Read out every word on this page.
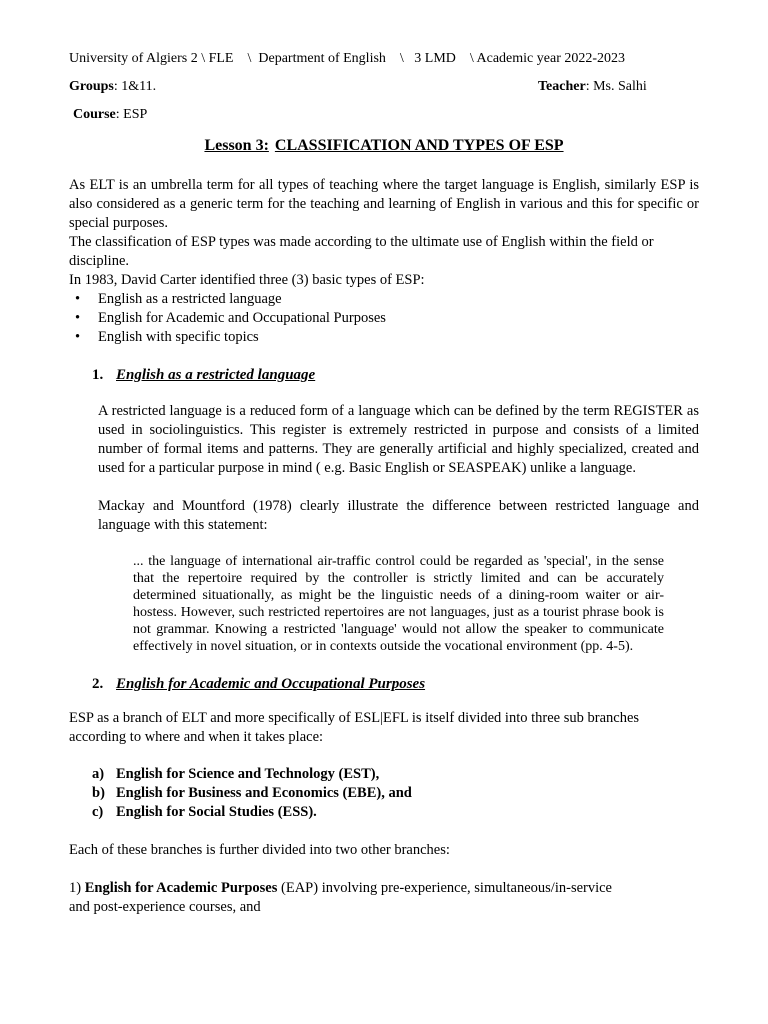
University of Algiers 2 \ FLE    \  Department of English    \   3 LMD    \ Academic year 2022-2023
Groups: 1&11.	Teacher: Ms. Salhi
Course: ESP
Lesson 3: CLASSIFICATION AND TYPES OF ESP

As ELT is an umbrella term for all types of teaching where the target language is English, similarly ESP is also considered as a generic term for the teaching and learning of English in various and this for specific or special purposes.

The classification of ESP types was made according to the ultimate use of English within the field or discipline.

In 1983, David Carter identified three (3) basic types of ESP:

• English as a restricted language
• English for Academic and Occupational Purposes
• English with specific topics
1. English as a restricted language

A restricted language is a reduced form of a language which can be defined by the term REGISTER as used in sociolinguistics. This register is extremely restricted in purpose and consists of a limited number of formal items and patterns. They are generally artificial and highly specialized, created and used for a particular purpose in mind ( e.g. Basic English or SEASPEAK) unlike a language.

Mackay and Mountford (1978) clearly illustrate the difference between restricted language and language with this statement:

... the language of international air-traffic control could be regarded as 'special', in the sense that the repertoire required by the controller is strictly limited and can be accurately determined situationally, as might be the linguistic needs of a dining-room waiter or air-hostess. However, such restricted repertoires are not languages, just as a tourist phrase book is not grammar. Knowing a restricted 'language' would not allow the speaker to communicate effectively in novel situation, or in contexts outside the vocational environment (pp. 4-5).

2. English for Academic and Occupational Purposes

ESP as a branch of ELT and more specifically of ESL|EFL is itself divided into three sub branches according to where and when it takes place:

a) English for Science and Technology (EST),
b) English for Business and Economics (EBE), and
c) English for Social Studies (ESS).

Each of these branches is further divided into two other branches:

1) English for Academic Purposes (EAP) involving pre-experience, simultaneous/in-service
and post-experience courses, and
